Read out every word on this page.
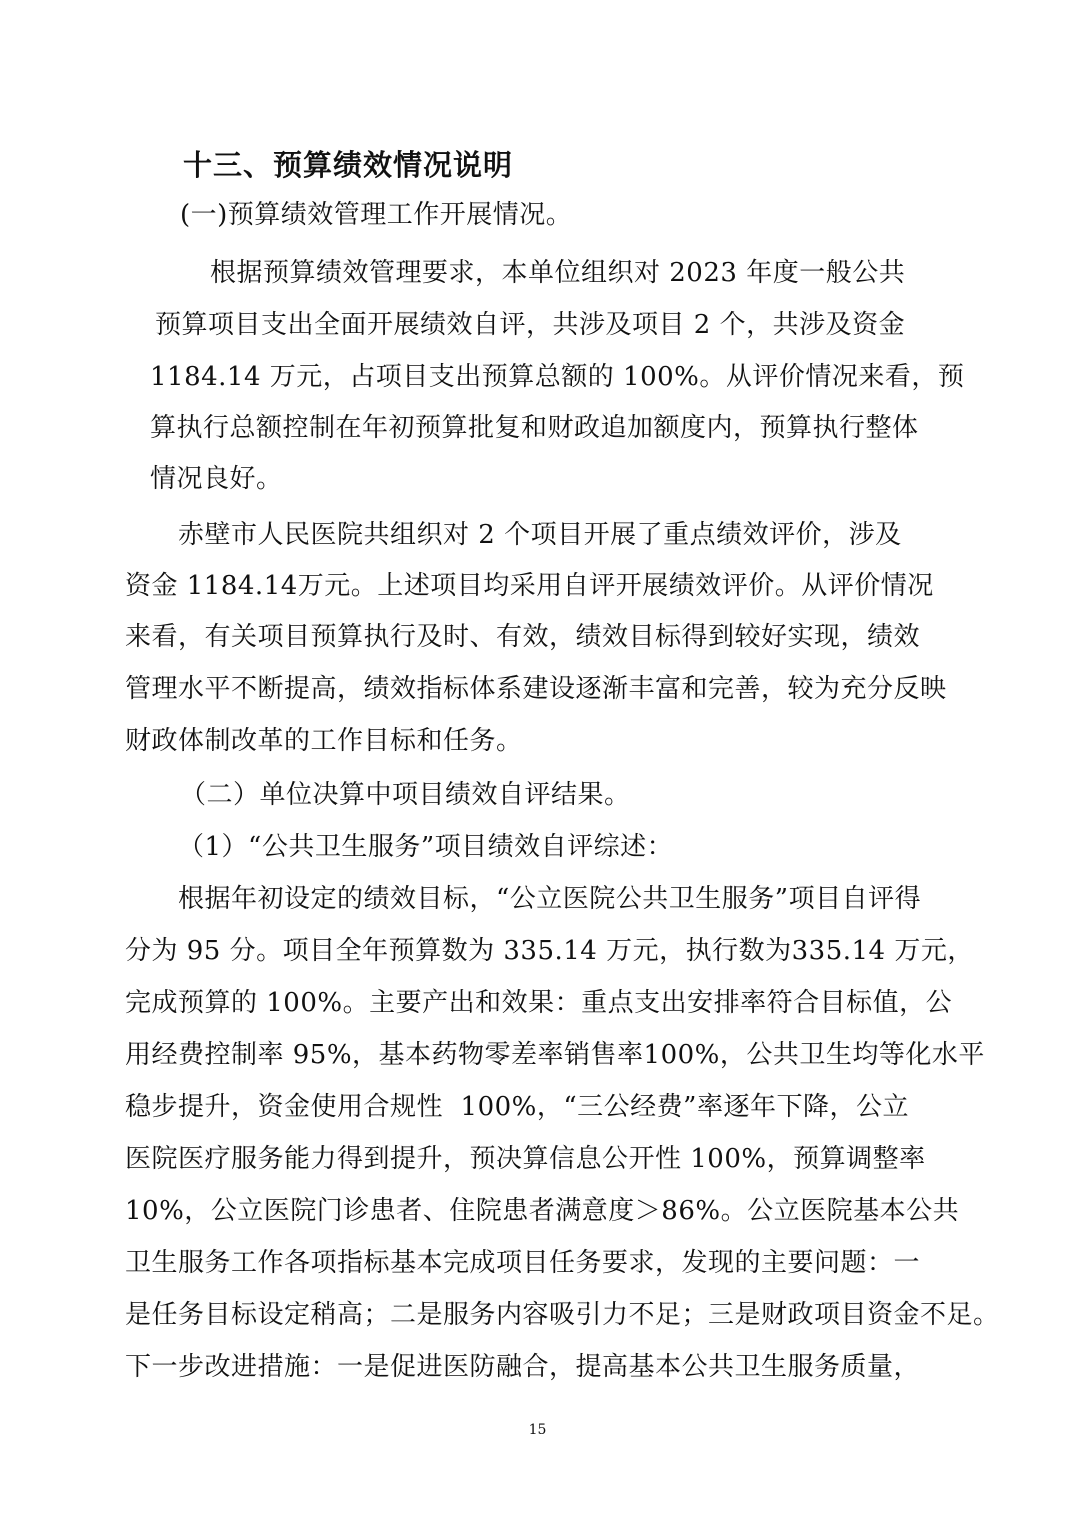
十三、预算绩效情况说明
(一)预算绩效管理工作开展情况。
根据预算绩效管理要求，本单位组织对 2023 年度一般公共
预算项目支出全面开展绩效自评，共涉及项目 2 个，共涉及资金
1184.14 万元，占项目支出预算总额的 100%。从评价情况来看，预
算执行总额控制在年初预算批复和财政追加额度内，预算执行整体
情况良好。
赤壁市人民医院共组织对 2 个项目开展了重点绩效评价，涉及
资金 1184.14万元。上述项目均采用自评开展绩效评价。从评价情况
来看，有关项目预算执行及时、有效，绩效目标得到较好实现，绩效
管理水平不断提高，绩效指标体系建设逐渐丰富和完善，较为充分反映
财政体制改革的工作目标和任务。
（二）单位决算中项目绩效自评结果。
（1）“公共卫生服务”项目绩效自评综述：
根据年初设定的绩效目标，“公立医院公共卫生服务”项目自评得
分为 95 分。项目全年预算数为 335.14 万元，执行数为335.14 万元，
完成预算的 100%。主要产出和效果：重点支出安排率符合目标值，公
用经费控制率 95%，基本药物零差率销售率100%，公共卫生均等化水平
稳步提升，资金使用合规性  100%，“三公经费”率逐年下降，公立
医院医疗服务能力得到提升，预决算信息公开性 100%，预算调整率
10%，公立医院门诊患者、住院患者满意度＞86%。公立医院基本公共
卫生服务工作各项指标基本完成项目任务要求，发现的主要问题：一
是任务目标设定稍高；二是服务内容吸引力不足；三是财政项目资金不足。
下一步改进措施：一是促进医防融合，提高基本公共卫生服务质量，
15
